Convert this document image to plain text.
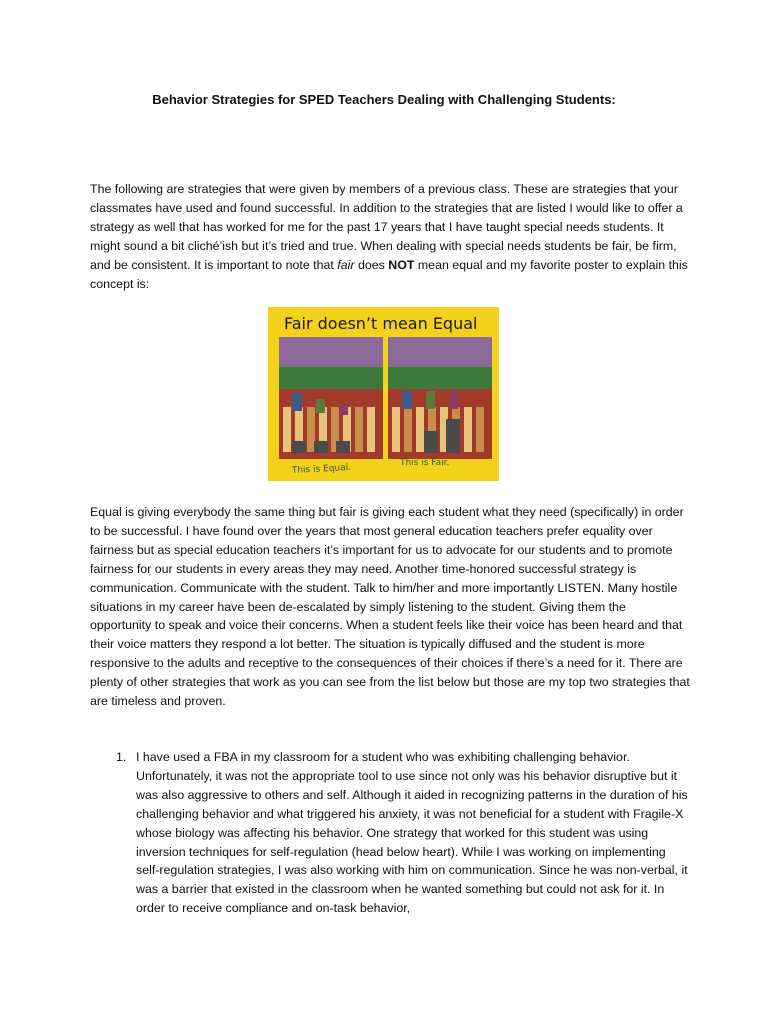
Behavior Strategies for SPED Teachers Dealing with Challenging Students:

The following are strategies that were given by members of a previous class. These are strategies that your classmates have used and found successful. In addition to the strategies that are listed I would like to offer a strategy as well that has worked for me for the past 17 years that I have taught special needs students. It might sound a bit cliché’ish but it’s tried and true. When dealing with special needs students be fair, be firm, and be consistent. It is important to note that fair does NOT mean equal and my favorite poster to explain this concept is:

Fair doesn’t mean Equal
This is Equal.	This is Fair.

Equal is giving everybody the same thing but fair is giving each student what they need (specifically) in order to be successful. I have found over the years that most general education teachers prefer equality over fairness but as special education teachers it’s important for us to advocate for our students and to promote fairness for our students in every areas they may need. Another time-honored successful strategy is communication. Communicate with the student. Talk to him/her and more importantly LISTEN. Many hostile situations in my career have been de-escalated by simply listening to the student. Giving them the opportunity to speak and voice their concerns. When a student feels like their voice has been heard and that their voice matters they respond a lot better. The situation is typically diffused and the student is more responsive to the adults and receptive to the consequences of their choices if there’s a need for it. There are plenty of other strategies that work as you can see from the list below but those are my top two strategies that are timeless and proven.

1. I have used a FBA in my classroom for a student who was exhibiting challenging behavior. Unfortunately, it was not the appropriate tool to use since not only was his behavior disruptive but it was also aggressive to others and self. Although it aided in recognizing patterns in the duration of his challenging behavior and what triggered his anxiety, it was not beneficial for a student with Fragile-X whose biology was affecting his behavior. One strategy that worked for this student was using inversion techniques for self-regulation (head below heart). While I was working on implementing self-regulation strategies, I was also working with him on communication. Since he was non-verbal, it was a barrier that existed in the classroom when he wanted something but could not ask for it. In order to receive compliance and on-task behavior,
